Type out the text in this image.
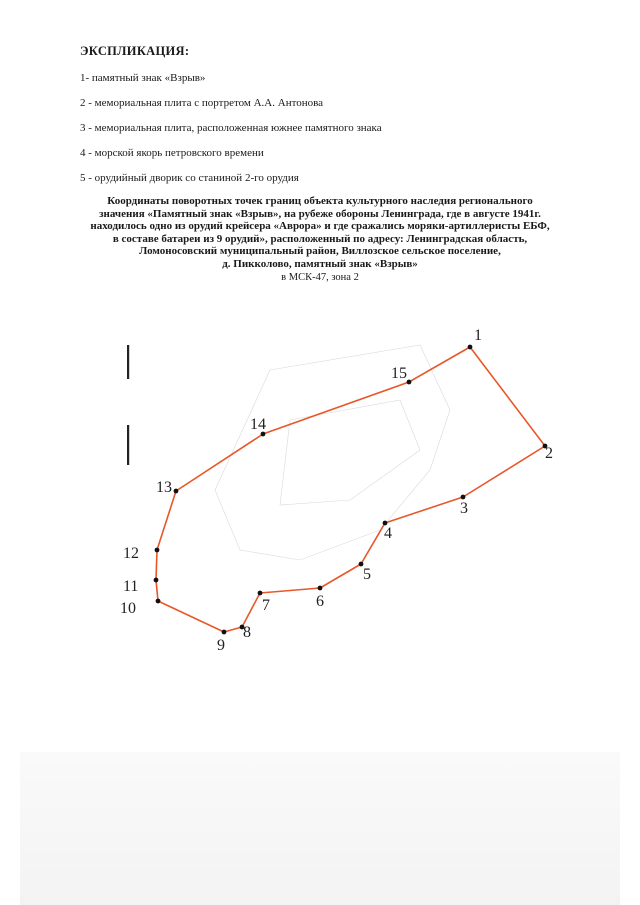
ЭКСПЛИКАЦИЯ:
1- памятный знак «Взрыв»
2 - мемориальная плита с портретом А.А. Антонова
3 - мемориальная плита, расположенная южнее памятного знака
4 - морской якорь петровского времени
5 - орудийный дворик со станиной 2-го орудия
Координаты поворотных точек границ объекта культурного наследия регионального
значения «Памятный знак «Взрыв», на рубеже обороны Ленинграда, где в августе 1941г.
находилось одно из орудий крейсера «Аврора» и где сражались моряки-артиллеристы ЕБФ,
в составе батареи из 9 орудий», расположенный по адресу: Ленинградская область,
Ломоносовский муниципальный район, Виллозское сельское поселение,
д. Пикколово, памятный знак «Взрыв»
в МСК-47, зона 2
1
2
3
4
5
6
7
8
9
10
11
12
13
14
15
